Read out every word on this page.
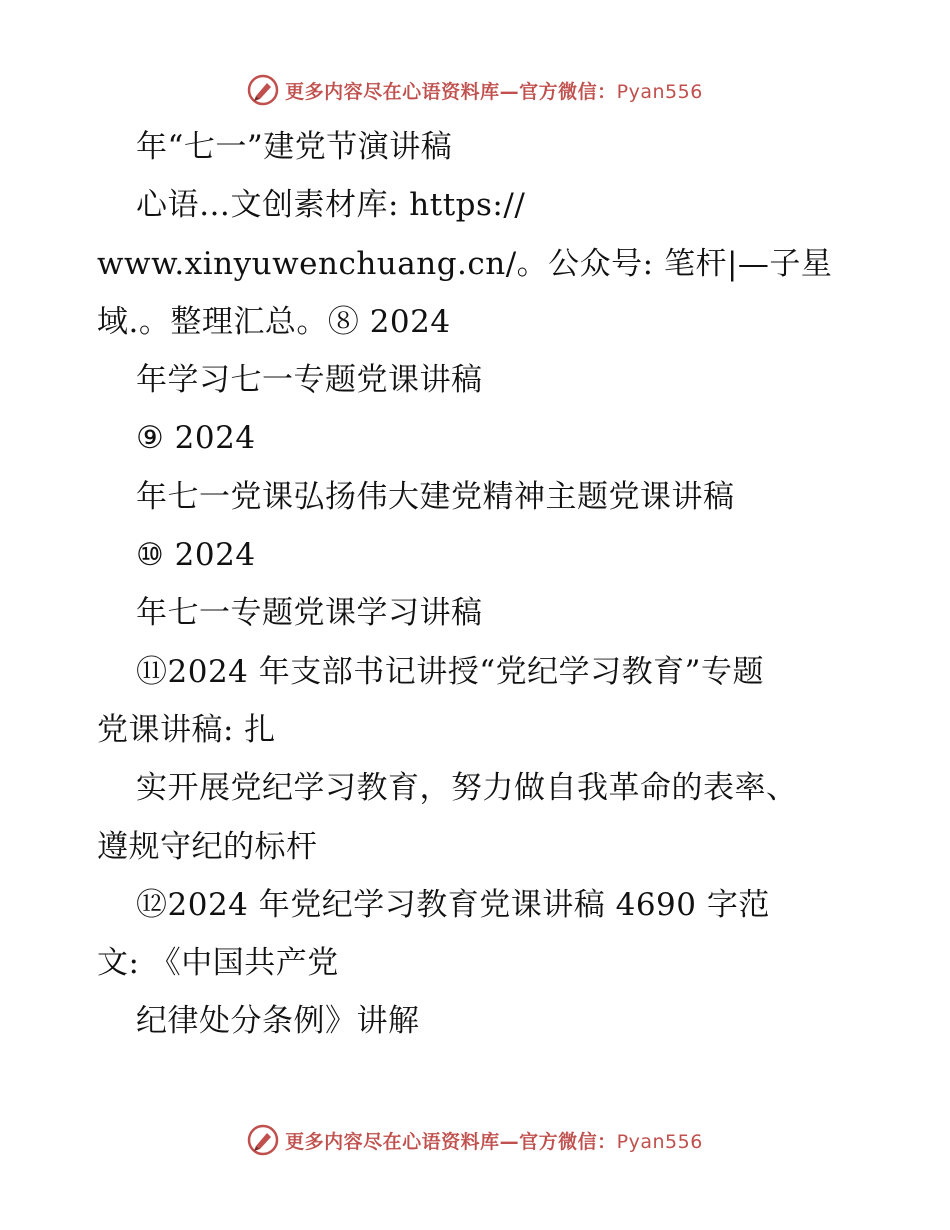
更多内容尽在心语资料库—官方微信：Pyan556
年“七一”建党节演讲稿
心语…文创素材库: https://
www.xinyuwenchuang.cn/。公众号: 笔杆|—子星
域.。整理汇总。⑧ 2024
年学习七一专题党课讲稿
⑨ 2024
年七一党课弘扬伟大建党精神主题党课讲稿
⑩ 2024
年七一专题党课学习讲稿
⑪2024 年支部书记讲授“党纪学习教育”专题
党课讲稿: 扎
实开展党纪学习教育，努力做自我革命的表率、
遵规守纪的标杆
⑫2024 年党纪学习教育党课讲稿 4690 字范
文: 《中国共产党
纪律处分条例》讲解
更多内容尽在心语资料库—官方微信：Pyan556
